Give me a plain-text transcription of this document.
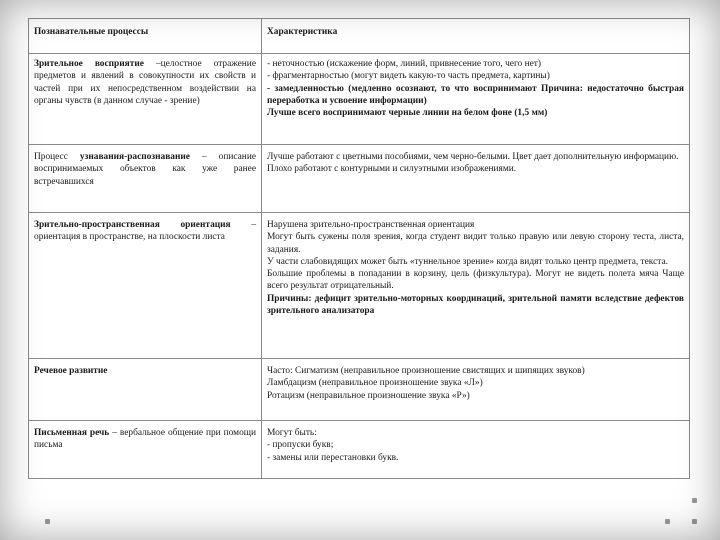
Познавательные процессы	Характеристика
Зрительное восприятие –целостное отражение предметов и явлений в совокупности их свойств и частей при их непосредственном воздействии на органы чувств (в данном случае - зрение)	- неточностью (искажение форм, линий, привнесение того, чего нет)
- фрагментарностью (могут видеть какую-то часть предмета, картины)
- замедленностью (медленно осознают, то что воспринимают Причина: недостаточно быстрая переработка и усвоение информации)
Лучше всего воспринимают черные линии на белом фоне (1,5 мм)

Процесс узнавания-распознавание – описание воспринимаемых объектов как уже ранее встречавшихся	Лучше работают с цветными пособиями, чем черно-белыми. Цвет дает дополнительную информацию.
Плохо работают с контурными и силуэтными изображениями.

Зрительно-пространственная ориентация – ориентация в пространстве, на плоскости листа	Нарушена зрительно-пространственная ориентация
Могут быть сужены поля зрения, когда студент видит только правую или левую сторону теста, листа, задания.
У части слабовидящих может быть «туннельное зрение» когда видят только центр предмета, текста.
Большие проблемы в попадании в корзину, цель (физкультура). Могут не видеть полета мяча Чаще всего результат отрицательный.
Причины: дефицит зрительно-моторных координаций, зрительной памяти вследствие дефектов зрительного анализатора

Речевое развитие	Часто: Сигматизм (неправильное произношение свистящих и шипящих звуков)
Ламбдацизм (неправильное произношение звука «Л»)
Ротацизм (неправильное произношение звука «Р»)

Письменная речь – вербальное общение при помощи письма	Могут быть:
- пропуски букв;
- замены или перестановки букв.
